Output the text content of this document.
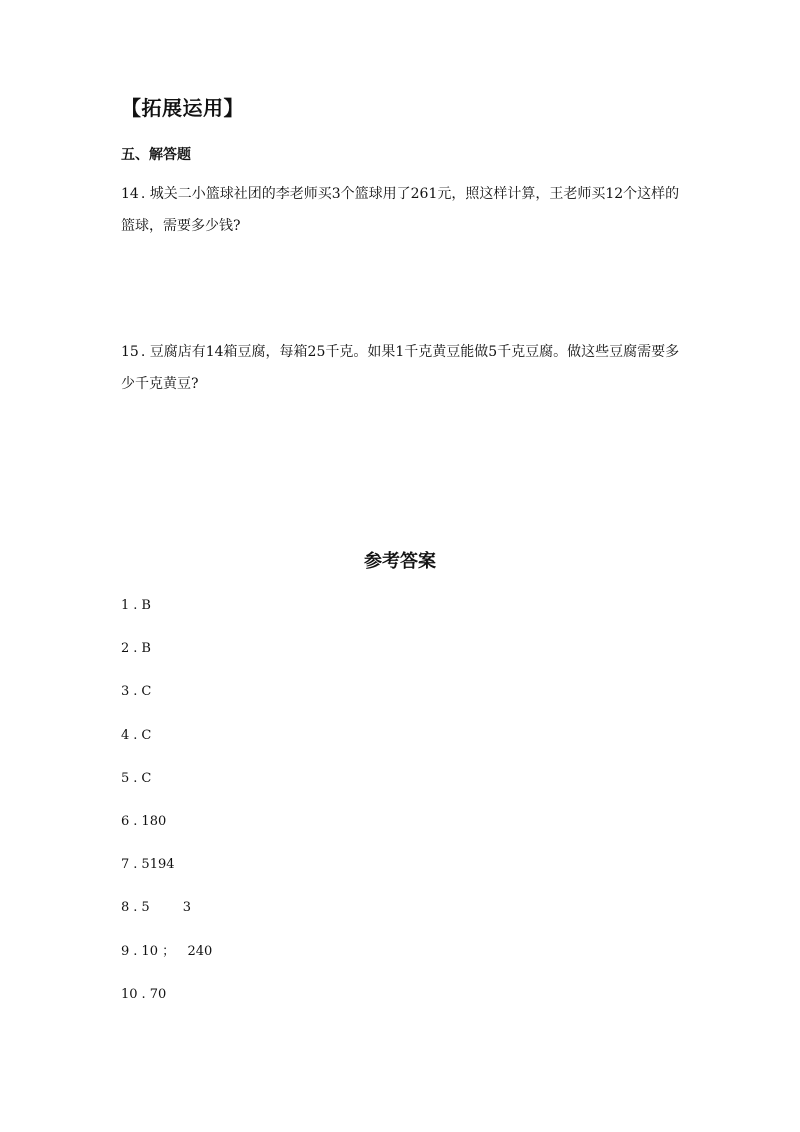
【拓展运用】
五、解答题
14 . 城关二小篮球社团的李老师买3个篮球用了261元，照这样计算，王老师买12个这样的篮球，需要多少钱?
15 . 豆腐店有14箱豆腐，每箱25千克。如果1千克黄豆能做5千克豆腐。做这些豆腐需要多少千克黄豆?
参考答案
1 . B
2 . B
3 . C
4 . C
5 . C
6 . 180
7 . 5194
8 . 5        3
9 . 10 ；   240
10 . 70
